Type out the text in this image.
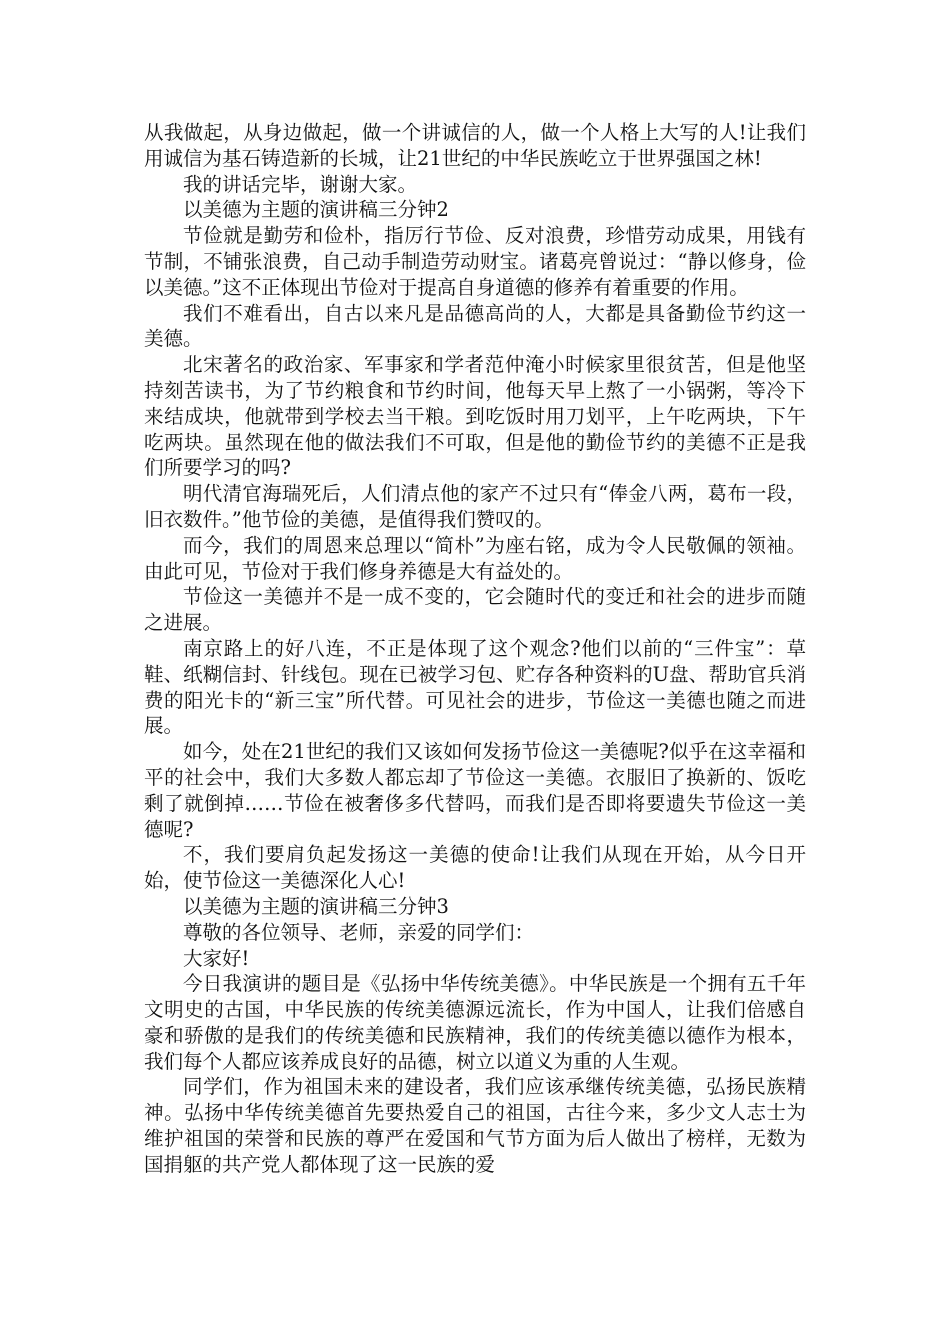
从我做起，从身边做起，做一个讲诚信的人，做一个人格上大写的人!让我们用诚信为基石铸造新的长城，让21世纪的中华民族屹立于世界强国之林!

我的讲话完毕，谢谢大家。

以美德为主题的演讲稿三分钟2

节俭就是勤劳和俭朴，指厉行节俭、反对浪费，珍惜劳动成果，用钱有节制，不铺张浪费，自己动手制造劳动财宝。诸葛亮曾说过：“静以修身，俭以美德。”这不正体现出节俭对于提高自身道德的修养有着重要的作用。

我们不难看出，自古以来凡是品德高尚的人，大都是具备勤俭节约这一美德。

北宋著名的政治家、军事家和学者范仲淹小时候家里很贫苦，但是他坚持刻苦读书，为了节约粮食和节约时间，他每天早上熬了一小锅粥，等冷下来结成块，他就带到学校去当干粮。到吃饭时用刀划平，上午吃两块，下午吃两块。虽然现在他的做法我们不可取，但是他的勤俭节约的美德不正是我们所要学习的吗?

明代清官海瑞死后，人们清点他的家产不过只有“俸金八两，葛布一段，旧衣数件。”他节俭的美德，是值得我们赞叹的。

而今，我们的周恩来总理以“简朴”为座右铭，成为令人民敬佩的领袖。由此可见，节俭对于我们修身养德是大有益处的。

节俭这一美德并不是一成不变的，它会随时代的变迁和社会的进步而随之进展。

南京路上的好八连，不正是体现了这个观念?他们以前的“三件宝”：草鞋、纸糊信封、针线包。现在已被学习包、贮存各种资料的U盘、帮助官兵消费的阳光卡的“新三宝”所代替。可见社会的进步，节俭这一美德也随之而进展。

如今，处在21世纪的我们又该如何发扬节俭这一美德呢?似乎在这幸福和平的社会中，我们大多数人都忘却了节俭这一美德。衣服旧了换新的、饭吃剩了就倒掉……节俭在被奢侈多代替吗，而我们是否即将要遗失节俭这一美德呢?

不，我们要肩负起发扬这一美德的使命!让我们从现在开始，从今日开始，使节俭这一美德深化人心!

以美德为主题的演讲稿三分钟3

尊敬的各位领导、老师，亲爱的同学们：

大家好!

今日我演讲的题目是《弘扬中华传统美德》。中华民族是一个拥有五千年文明史的古国，中华民族的传统美德源远流长，作为中国人，让我们倍感自豪和骄傲的是我们的传统美德和民族精神，我们的传统美德以德作为根本，我们每个人都应该养成良好的品德，树立以道义为重的人生观。

同学们，作为祖国未来的建设者，我们应该承继传统美德，弘扬民族精神。弘扬中华传统美德首先要热爱自己的祖国，古往今来，多少文人志士为维护祖国的荣誉和民族的尊严在爱国和气节方面为后人做出了榜样，无数为国捐躯的共产党人都体现了这一民族的爱
